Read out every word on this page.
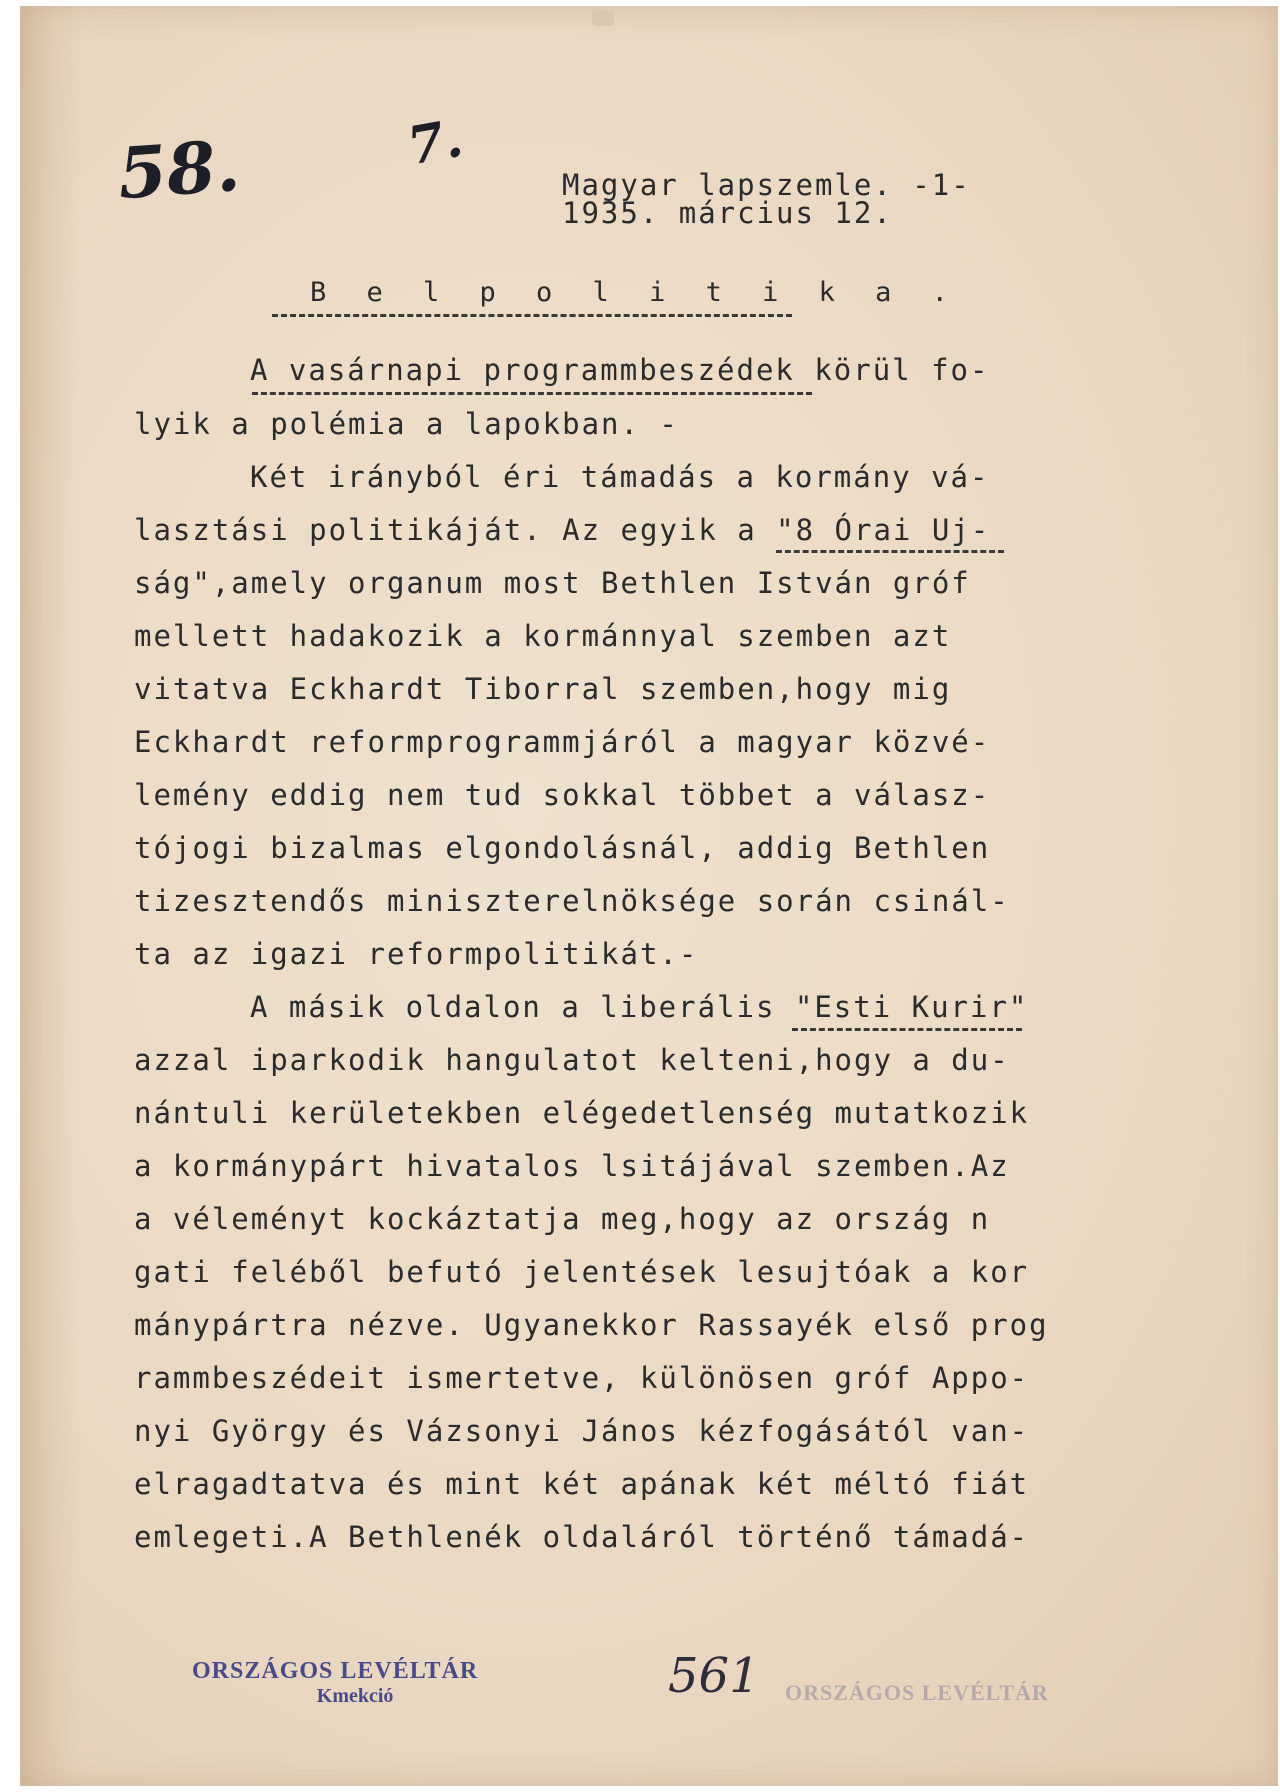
58.	7.
Magyar lapszemle. -1-
1935. március 12.
B e l p o l i t i k a .
A vasárnapi programmbeszédek körül fo-
lyik a polémia a lapokban. -
Két irányból éri támadás a kormány vá-
lasztási politikáját. Az egyik a "8 Órai Uj-
ság",amely organum most Bethlen István gróf
mellett hadakozik a kormánnyal szemben azt
vitatva Eckhardt Tiborral szemben,hogy mig
Eckhardt reformprogrammjáról a magyar közvé-
lemény eddig nem tud sokkal többet a válasz-
tójogi bizalmas elgondolásnál, addig Bethlen
tizesztendős miniszterelnöksége során csinál-
ta az igazi reformpolitikát.-
A másik oldalon a liberális "Esti Kurir"
azzal iparkodik hangulatot kelteni,hogy a du-
nántuli kerületekben elégedetlenség mutatkozik
a kormánypárt hivatalos lsitájával szemben.Az
a véleményt kockáztatja meg,hogy az ország n
gati feléből befutó jelentések lesujtóak a kor
mánypártra nézve. Ugyanekkor Rassayék első prog
rammbeszédeit ismertetve, különösen gróf Appo-
nyi György és Vázsonyi János kézfogásától van-
elragadtatva és mint két apának két méltó fiát
emlegeti.A Bethlenék oldaláról történő támadá-
ORSZÁGOS LEVÉLTÁR
Kmekció	561 ORSZÁGOS LEVÉLTÁR
